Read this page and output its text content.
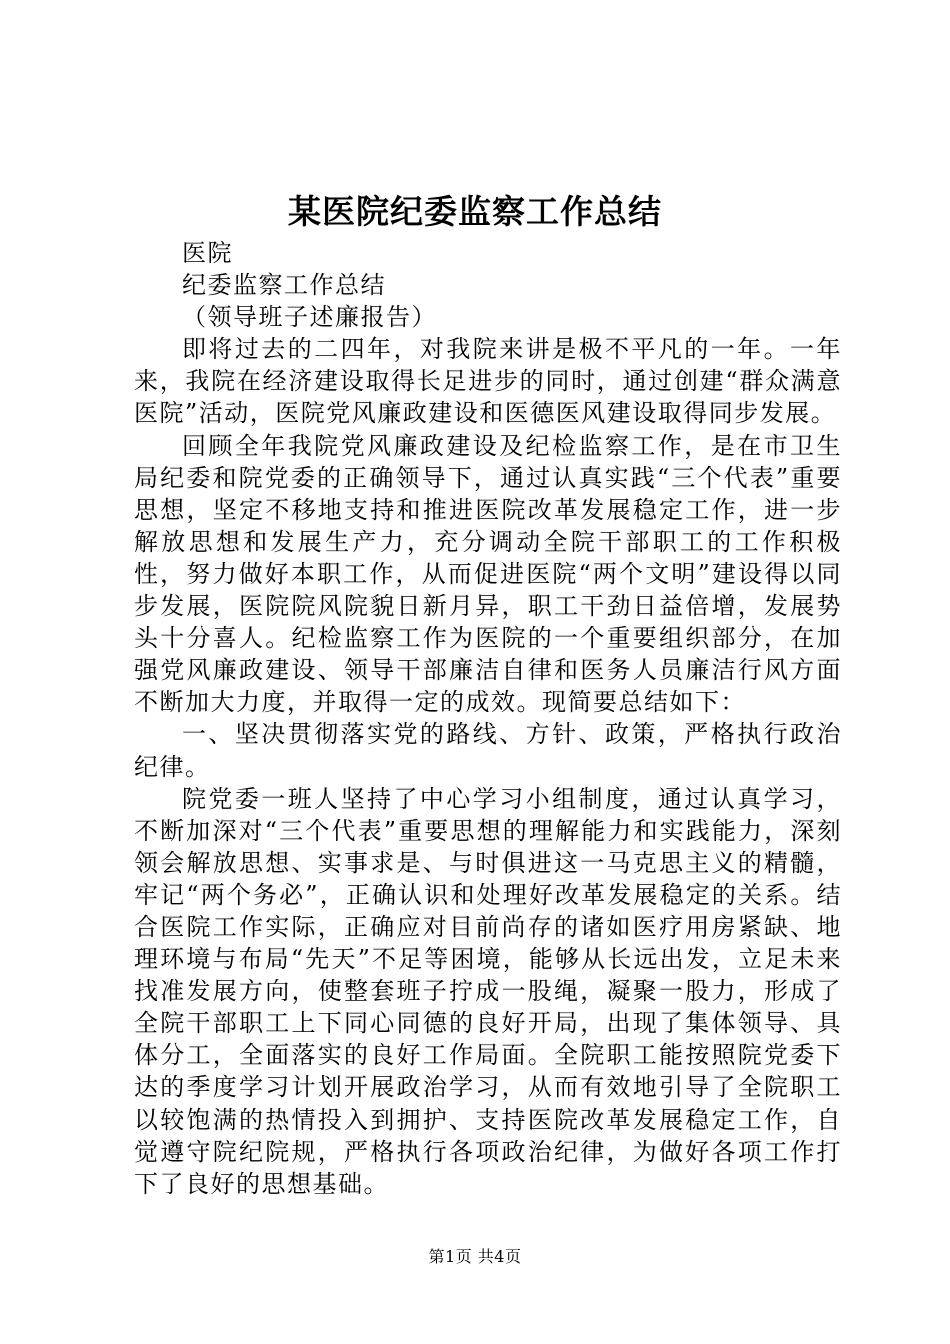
某医院纪委监察工作总结

医院

纪委监察工作总结

（领导班子述廉报告）

即将过去的二四年，对我院来讲是极不平凡的一年。一年来，我院在经济建设取得长足进步的同时，通过创建“群众满意医院”活动，医院党风廉政建设和医德医风建设取得同步发展。

回顾全年我院党风廉政建设及纪检监察工作，是在市卫生局纪委和院党委的正确领导下，通过认真实践“三个代表”重要思想，坚定不移地支持和推进医院改革发展稳定工作，进一步解放思想和发展生产力，充分调动全院干部职工的工作积极性，努力做好本职工作，从而促进医院“两个文明”建设得以同步发展，医院院风院貌日新月异，职工干劲日益倍增，发展势头十分喜人。纪检监察工作为医院的一个重要组织部分，在加强党风廉政建设、领导干部廉洁自律和医务人员廉洁行风方面不断加大力度，并取得一定的成效。现简要总结如下：

一、坚决贯彻落实党的路线、方针、政策，严格执行政治纪律。

院党委一班人坚持了中心学习小组制度，通过认真学习，不断加深对“三个代表”重要思想的理解能力和实践能力，深刻领会解放思想、实事求是、与时俱进这一马克思主义的精髓，牢记“两个务必”，正确认识和处理好改革发展稳定的关系。结合医院工作实际，正确应对目前尚存的诸如医疗用房紧缺、地理环境与布局“先天”不足等困境，能够从长远出发，立足未来找准发展方向，使整套班子拧成一股绳，凝聚一股力，形成了全院干部职工上下同心同德的良好开局，出现了集体领导、具体分工，全面落实的良好工作局面。全院职工能按照院党委下达的季度学习计划开展政治学习，从而有效地引导了全院职工以较饱满的热情投入到拥护、支持医院改革发展稳定工作，自觉遵守院纪院规，严格执行各项政治纪律，为做好各项工作打下了良好的思想基础。

第1页 共4页
